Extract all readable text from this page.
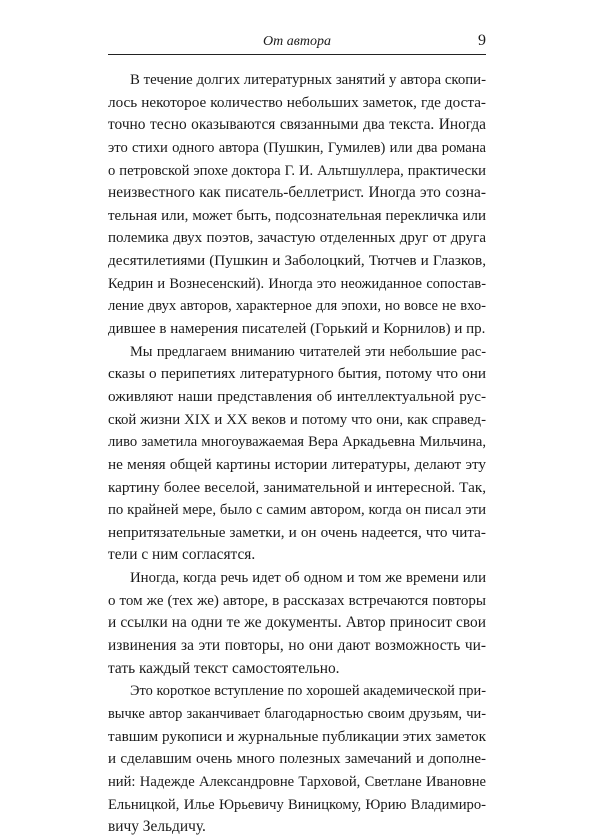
От автора	9
В течение долгих литературных занятий у автора скопи-
лось некоторое количество небольших заметок, где доста-
точно тесно оказываются связанными два текста. Иногда
это стихи одного автора (Пушкин, Гумилев) или два романа
о петровской эпохе доктора Г. И. Альтшуллера, практически
неизвестного как писатель-беллетрист. Иногда это созна-
тельная или, может быть, подсознательная перекличка или
полемика двух поэтов, зачастую отделенных друг от друга
десятилетиями (Пушкин и Заболоцкий, Тютчев и Глазков,
Кедрин и Вознесенский). Иногда это неожиданное сопостав-
ление двух авторов, характерное для эпохи, но вовсе не вхо-
дившее в намерения писателей (Горький и Корнилов) и пр.
Мы предлагаем вниманию читателей эти небольшие рас-
сказы о перипетиях литературного бытия, потому что они
оживляют наши представления об интеллектуальной рус-
ской жизни XIX и XX веков и потому что они, как справед-
ливо заметила многоуважаемая Вера Аркадьевна Мильчина,
не меняя общей картины истории литературы, делают эту
картину более веселой, занимательной и интересной. Так,
по крайней мере, было с самим автором, когда он писал эти
непритязательные заметки, и он очень надеется, что чита-
тели с ним согласятся.
Иногда, когда речь идет об одном и том же времени или
о том же (тех же) авторе, в рассказах встречаются повторы
и ссылки на одни те же документы. Автор приносит свои
извинения за эти повторы, но они дают возможность чи-
тать каждый текст самостоятельно.
Это короткое вступление по хорошей академической при-
вычке автор заканчивает благодарностью своим друзьям, чи-
тавшим рукописи и журнальные публикации этих заметок
и сделавшим очень много полезных замечаний и дополне-
ний: Надежде Александровне Тарховой, Светлане Ивановне
Ельницкой, Илье Юрьевичу Виницкому, Юрию Владимиро-
вичу Зельдичу.
